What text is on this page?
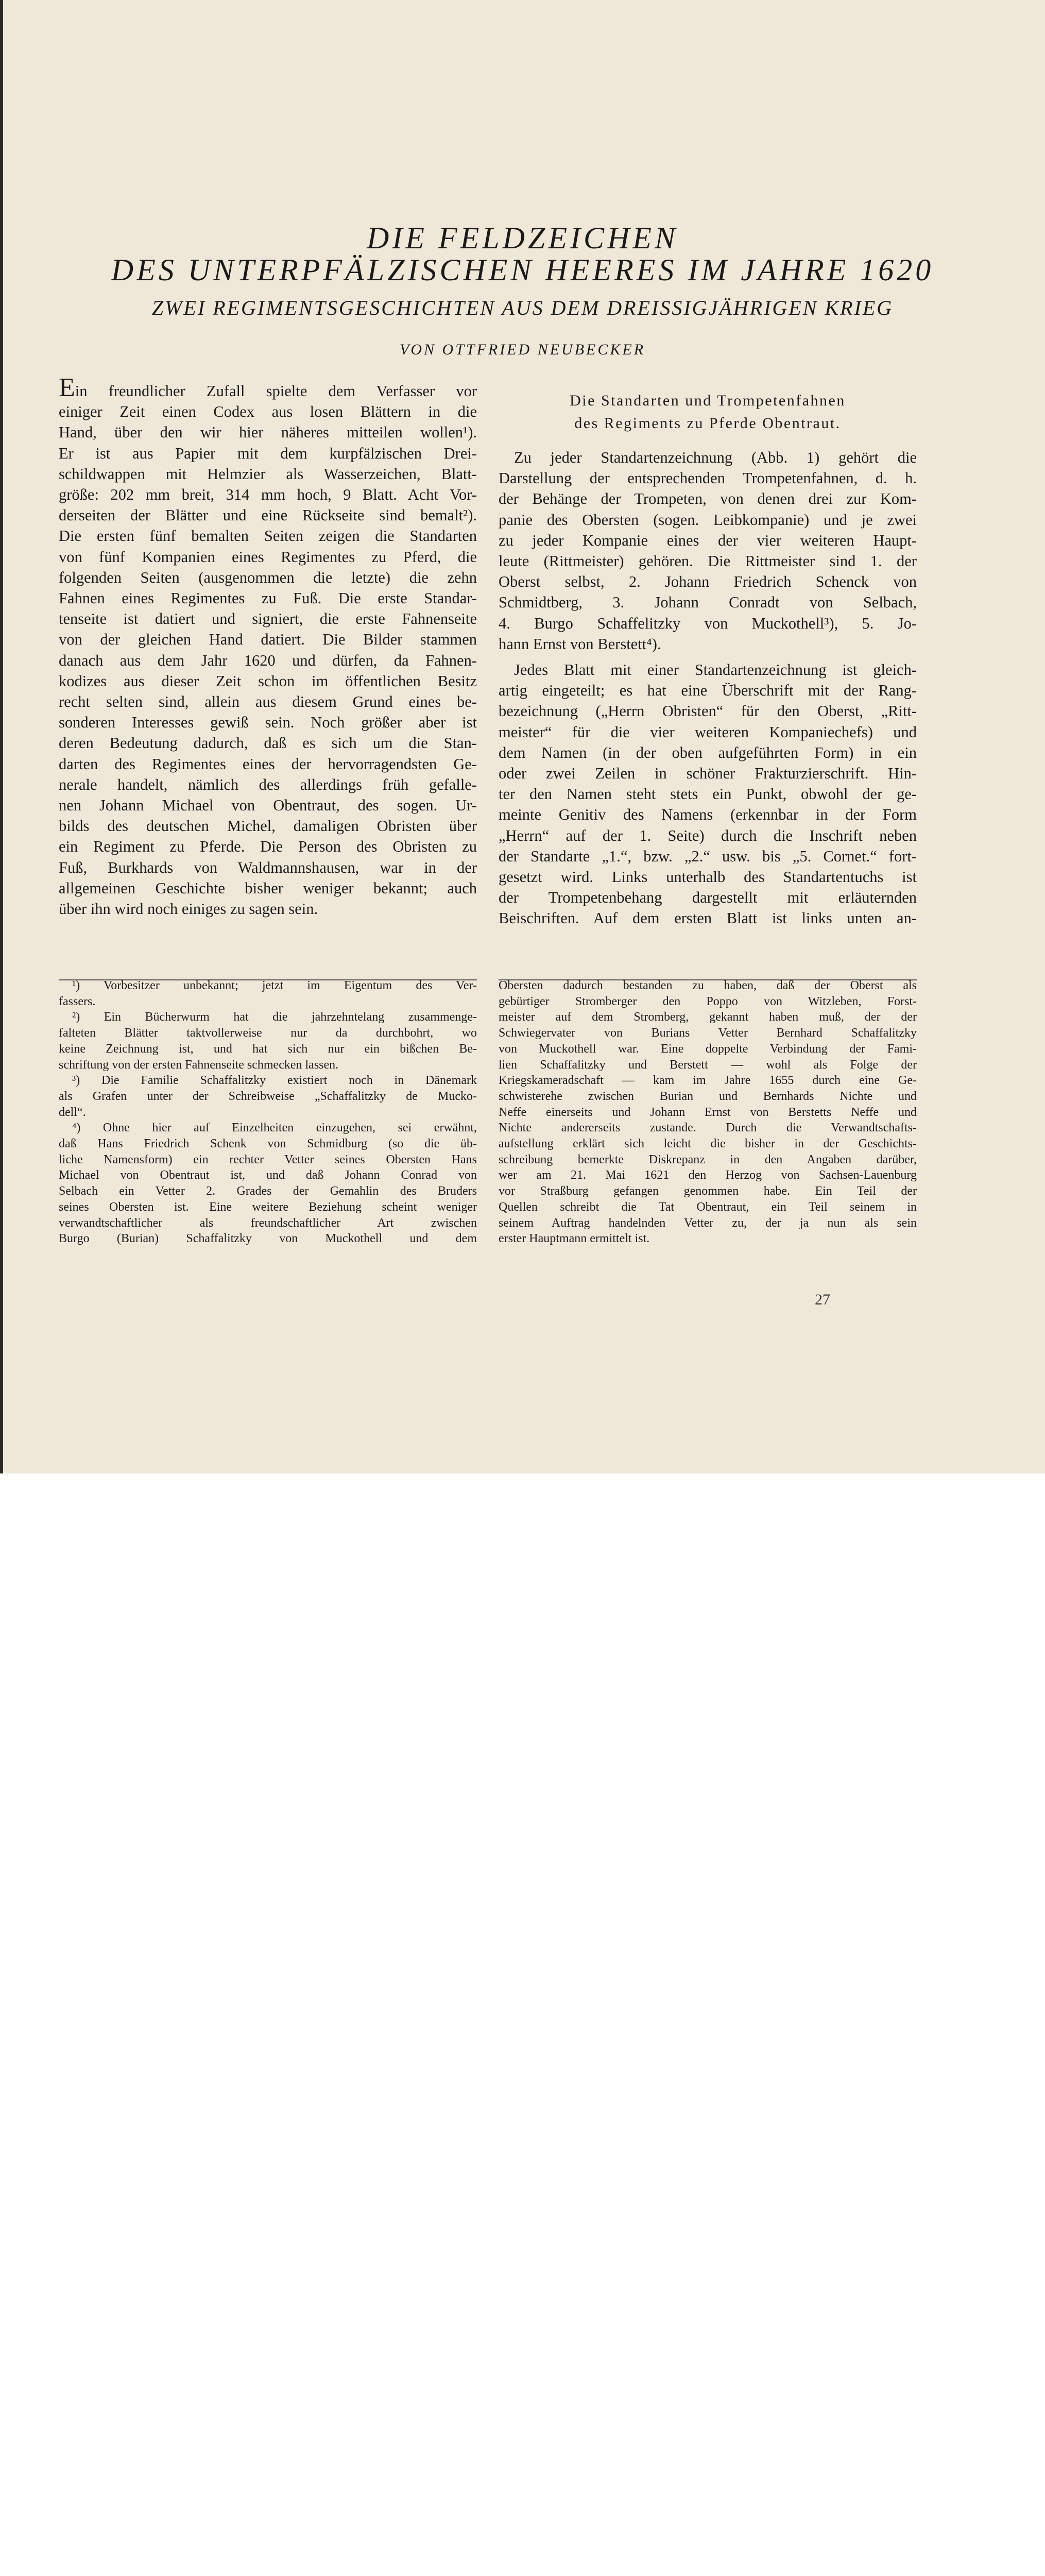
DIE FELDZEICHEN
DES UNTERPFÄLZISCHEN HEERES IM JAHRE 1620
ZWEI REGIMENTSGESCHICHTEN AUS DEM DREISSIGJÄHRIGEN KRIEG
VON OTTFRIED NEUBECKER
Ein freundlicher Zufall spielte dem Verfasser vor
einiger Zeit einen Codex aus losen Blättern in die
Hand, über den wir hier näheres mitteilen wollen¹).
Er ist aus Papier mit dem kurpfälzischen Drei-
schildwappen mit Helmzier als Wasserzeichen, Blatt-
größe: 202 mm breit, 314 mm hoch, 9 Blatt. Acht Vor-
derseiten der Blätter und eine Rückseite sind bemalt²).
Die ersten fünf bemalten Seiten zeigen die Standarten
von fünf Kompanien eines Regimentes zu Pferd, die
folgenden Seiten (ausgenommen die letzte) die zehn
Fahnen eines Regimentes zu Fuß. Die erste Standar-
tenseite ist datiert und signiert, die erste Fahnenseite
von der gleichen Hand datiert. Die Bilder stammen
danach aus dem Jahr 1620 und dürfen, da Fahnen-
kodizes aus dieser Zeit schon im öffentlichen Besitz
recht selten sind, allein aus diesem Grund eines be-
sonderen Interesses gewiß sein. Noch größer aber ist
deren Bedeutung dadurch, daß es sich um die Stan-
darten des Regimentes eines der hervorragendsten Ge-
nerale handelt, nämlich des allerdings früh gefalle-
nen Johann Michael von Obentraut, des sogen. Ur-
bilds des deutschen Michel, damaligen Obristen über
ein Regiment zu Pferde. Die Person des Obristen zu
Fuß, Burkhards von Waldmannshausen, war in der
allgemeinen Geschichte bisher weniger bekannt; auch
über ihn wird noch einiges zu sagen sein.
Die Standarten und Trompetenfahnen
des Regiments zu Pferde Obentraut.
Zu jeder Standartenzeichnung (Abb. 1) gehört die
Darstellung der entsprechenden Trompetenfahnen, d. h.
der Behänge der Trompeten, von denen drei zur Kom-
panie des Obersten (sogen. Leibkompanie) und je zwei
zu jeder Kompanie eines der vier weiteren Haupt-
leute (Rittmeister) gehören. Die Rittmeister sind 1. der
Oberst selbst, 2. Johann Friedrich Schenck von
Schmidtberg, 3. Johann Conradt von Selbach,
4. Burgo Schaffelitzky von Muckothell³), 5. Jo-
hann Ernst von Berstett⁴).
Jedes Blatt mit einer Standartenzeichnung ist gleich-
artig eingeteilt; es hat eine Überschrift mit der Rang-
bezeichnung („Herrn Obristen“ für den Oberst, „Ritt-
meister“ für die vier weiteren Kompaniechefs) und
dem Namen (in der oben aufgeführten Form) in ein
oder zwei Zeilen in schöner Frakturzierschrift. Hin-
ter den Namen steht stets ein Punkt, obwohl der ge-
meinte Genitiv des Namens (erkennbar in der Form
„Herrn“ auf der 1. Seite) durch die Inschrift neben
der Standarte „1.“, bzw. „2.“ usw. bis „5. Cornet.“ fort-
gesetzt wird. Links unterhalb des Standartentuchs ist
der Trompetenbehang dargestellt mit erläuternden
Beischriften. Auf dem ersten Blatt ist links unten an-
¹) Vorbesitzer unbekannt; jetzt im Eigentum des Ver-
fassers.
²) Ein Bücherwurm hat die jahrzehntelang zusammenge-
falteten Blätter taktvollerweise nur da durchbohrt, wo
keine Zeichnung ist, und hat sich nur ein bißchen Be-
schriftung von der ersten Fahnenseite schmecken lassen.
³) Die Familie Schaffalitzky existiert noch in Dänemark
als Grafen unter der Schreibweise „Schaffalitzky de Mucko-
dell“.
⁴) Ohne hier auf Einzelheiten einzugehen, sei erwähnt,
daß Hans Friedrich Schenk von Schmidburg (so die üb-
liche Namensform) ein rechter Vetter seines Obersten Hans
Michael von Obentraut ist, und daß Johann Conrad von
Selbach ein Vetter 2. Grades der Gemahlin des Bruders
seines Obersten ist. Eine weitere Beziehung scheint weniger
verwandtschaftlicher als freundschaftlicher Art zwischen
Burgo (Burian) Schaffalitzky von Muckothell und dem
Obersten dadurch bestanden zu haben, daß der Oberst als
gebürtiger Stromberger den Poppo von Witzleben, Forst-
meister auf dem Stromberg, gekannt haben muß, der der
Schwiegervater von Burians Vetter Bernhard Schaffalitzky
von Muckothell war. Eine doppelte Verbindung der Fami-
lien Schaffalitzky und Berstett — wohl als Folge der
Kriegskameradschaft — kam im Jahre 1655 durch eine Ge-
schwisterehe zwischen Burian und Bernhards Nichte und
Neffe einerseits und Johann Ernst von Berstetts Neffe und
Nichte andererseits zustande. Durch die Verwandtschafts-
aufstellung erklärt sich leicht die bisher in der Geschichts-
schreibung bemerkte Diskrepanz in den Angaben darüber,
wer am 21. Mai 1621 den Herzog von Sachsen-Lauenburg
vor Straßburg gefangen genommen habe. Ein Teil der
Quellen schreibt die Tat Obentraut, ein Teil seinem in
seinem Auftrag handelnden Vetter zu, der ja nun als sein
erster Hauptmann ermittelt ist.
27
